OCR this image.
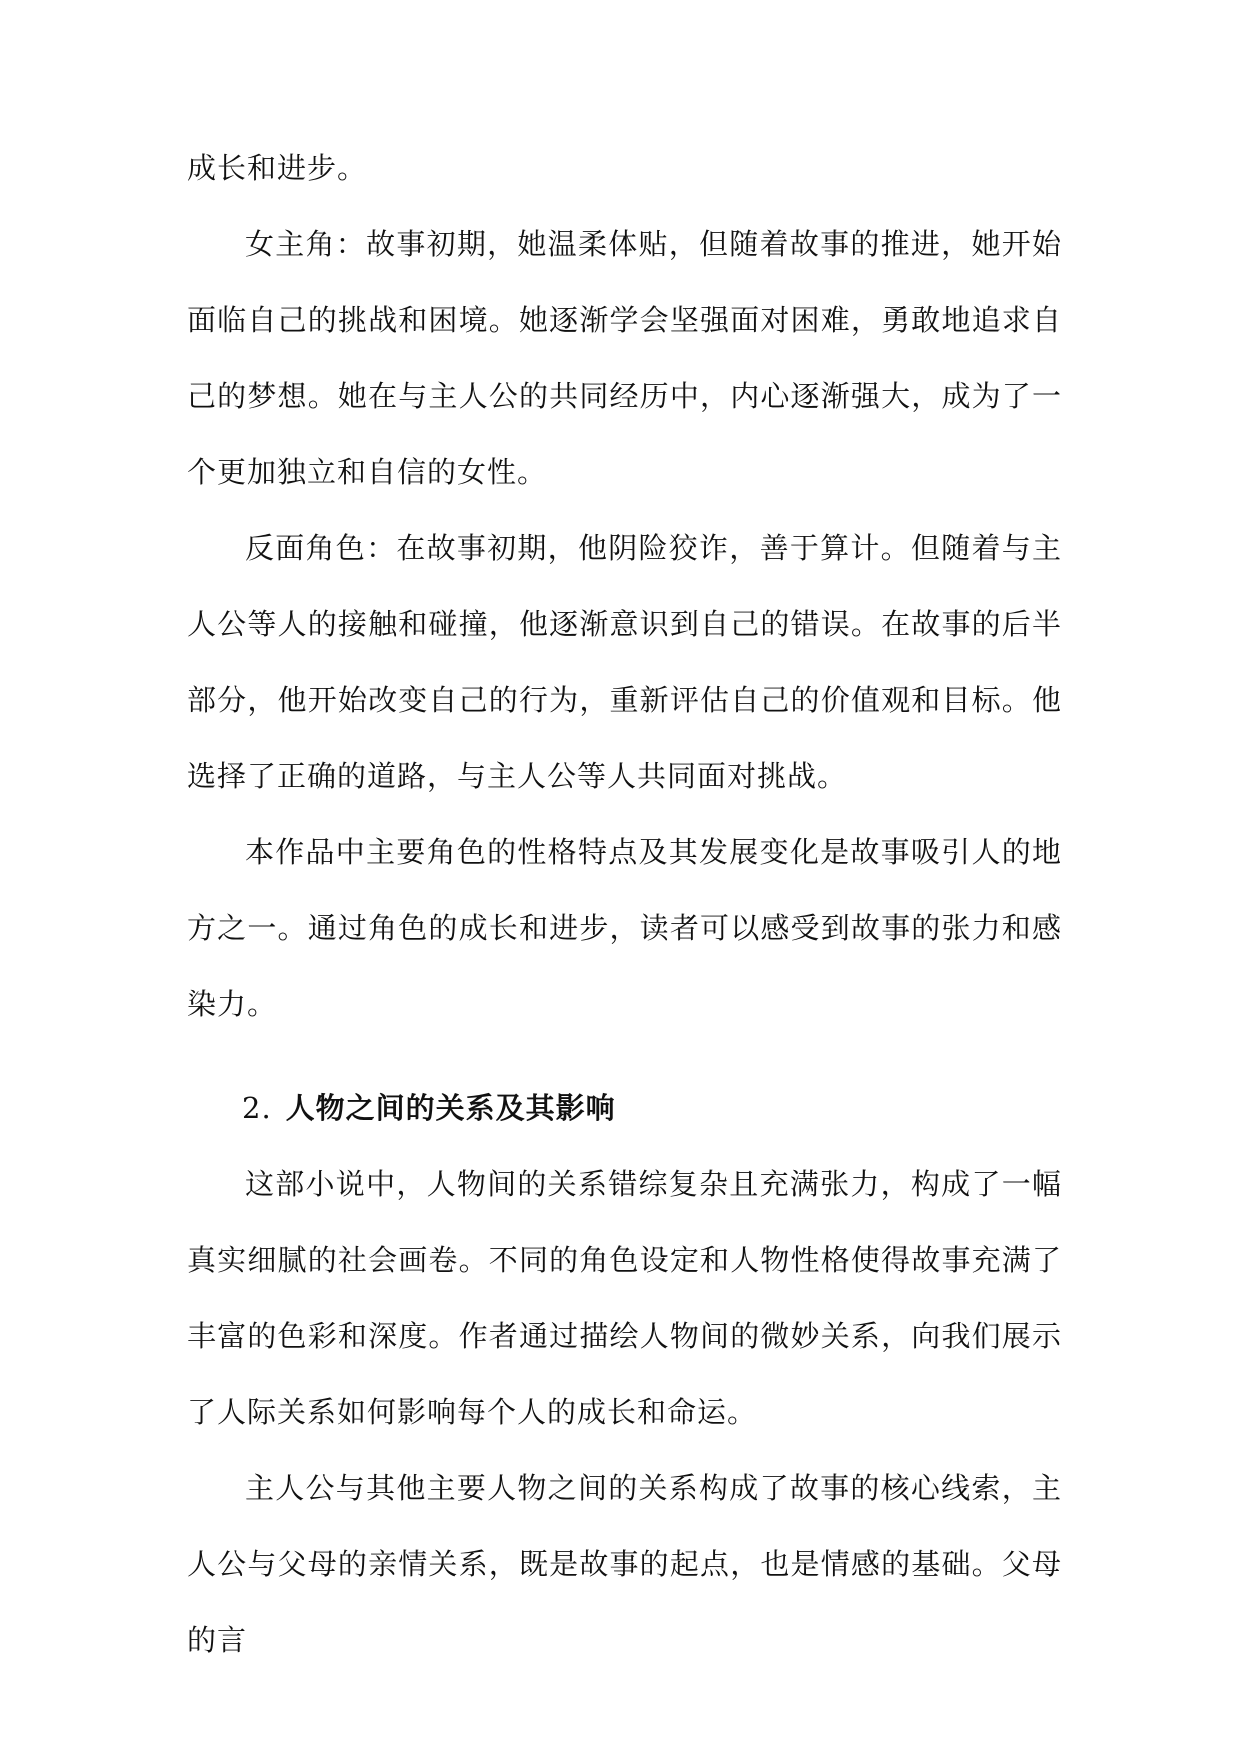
成长和进步。

女主角：故事初期，她温柔体贴，但随着故事的推进，她开始面临自己的挑战和困境。她逐渐学会坚强面对困难，勇敢地追求自己的梦想。她在与主人公的共同经历中，内心逐渐强大，成为了一个更加独立和自信的女性。

反面角色：在故事初期，他阴险狡诈，善于算计。但随着与主人公等人的接触和碰撞，他逐渐意识到自己的错误。在故事的后半部分，他开始改变自己的行为，重新评估自己的价值观和目标。他选择了正确的道路，与主人公等人共同面对挑战。

本作品中主要角色的性格特点及其发展变化是故事吸引人的地方之一。通过角色的成长和进步，读者可以感受到故事的张力和感染力。

2. 人物之间的关系及其影响

这部小说中，人物间的关系错综复杂且充满张力，构成了一幅真实细腻的社会画卷。不同的角色设定和人物性格使得故事充满了丰富的色彩和深度。作者通过描绘人物间的微妙关系，向我们展示了人际关系如何影响每个人的成长和命运。

主人公与其他主要人物之间的关系构成了故事的核心线索，主人公与父母的亲情关系，既是故事的起点，也是情感的基础。父母的言
